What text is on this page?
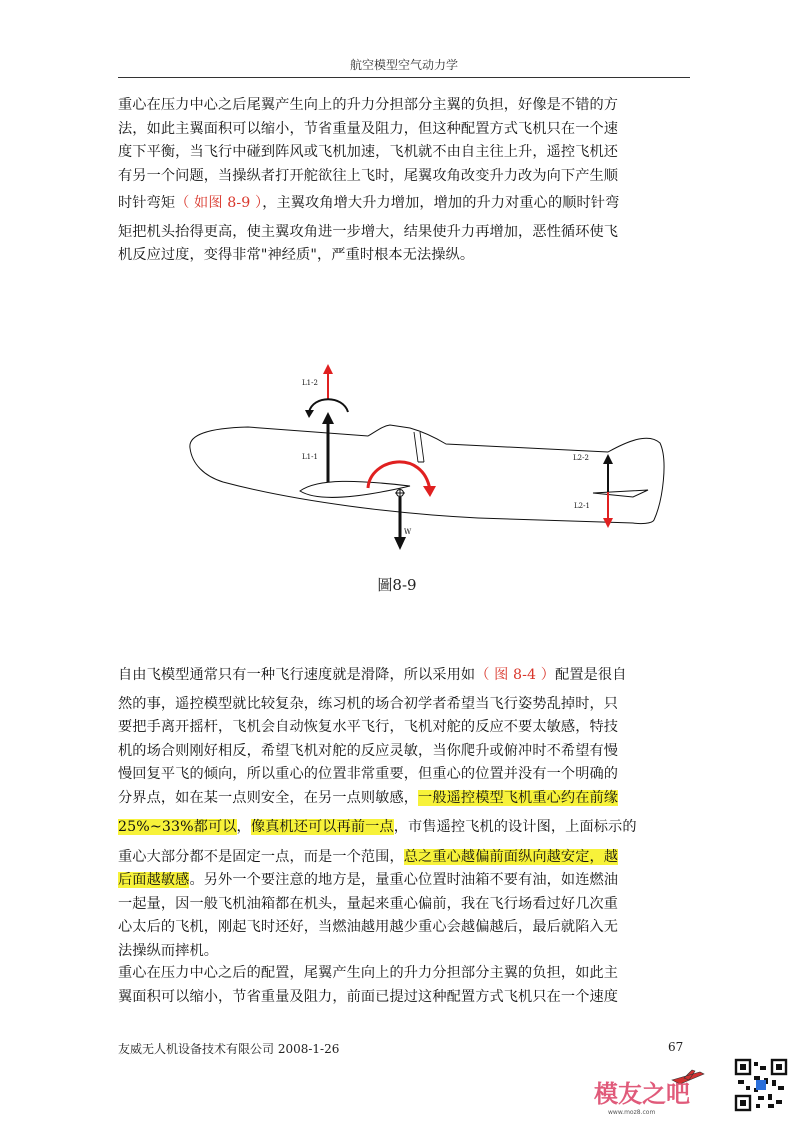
航空模型空气动力学

重心在压力中心之后尾翼产生向上的升力分担部分主翼的负担，好像是不错的方
法，如此主翼面积可以缩小，节省重量及阻力，但这种配置方式飞机只在一个速
度下平衡，当飞行中碰到阵风或飞机加速，飞机就不由自主往上升，遥控飞机还
有另一个问题，当操纵者打开舵欲往上飞时，尾翼攻角改变升力改为向下产生顺
时针弯矩（ 如图 8-9 ），主翼攻角增大升力增加，增加的升力对重心的顺时针弯
矩把机头抬得更高，使主翼攻角进一步增大，结果使升力再增加，恶性循环使飞
机反应过度，变得非常"神经质"，严重时根本无法操纵。

L1-2
L1-1	L2-2
L2-1
W
圖8-9

自由飞模型通常只有一种飞行速度就是滑降，所以采用如（ 图 8-4 ）配置是很自
然的事，遥控模型就比较复杂，练习机的场合初学者希望当飞行姿势乱掉时，只
要把手离开摇杆，飞机会自动恢复水平飞行，飞机对舵的反应不要太敏感，特技
机的场合则刚好相反，希望飞机对舵的反应灵敏，当你爬升或俯冲时不希望有慢
慢回复平飞的倾向，所以重心的位置非常重要，但重心的位置并没有一个明确的
分界点，如在某一点则安全，在另一点则敏感，一般遥控模型飞机重心约在前缘
25%~33%都可以，像真机还可以再前一点，市售遥控飞机的设计图，上面标示的
重心大部分都不是固定一点，而是一个范围，总之重心越偏前面纵向越安定，越
后面越敏感。另外一个要注意的地方是，量重心位置时油箱不要有油，如连燃油
一起量，因一般飞机油箱都在机头，量起来重心偏前，我在飞行场看过好几次重
心太后的飞机，刚起飞时还好，当燃油越用越少重心会越偏越后，最后就陷入无
法操纵而摔机。

重心在压力中心之后的配置，尾翼产生向上的升力分担部分主翼的负担，如此主
翼面积可以缩小，节省重量及阻力，前面已提过这种配置方式飞机只在一个速度

友威无人机设备技术有限公司 2008-1-26	67
模友之吧
www.moz8.com
